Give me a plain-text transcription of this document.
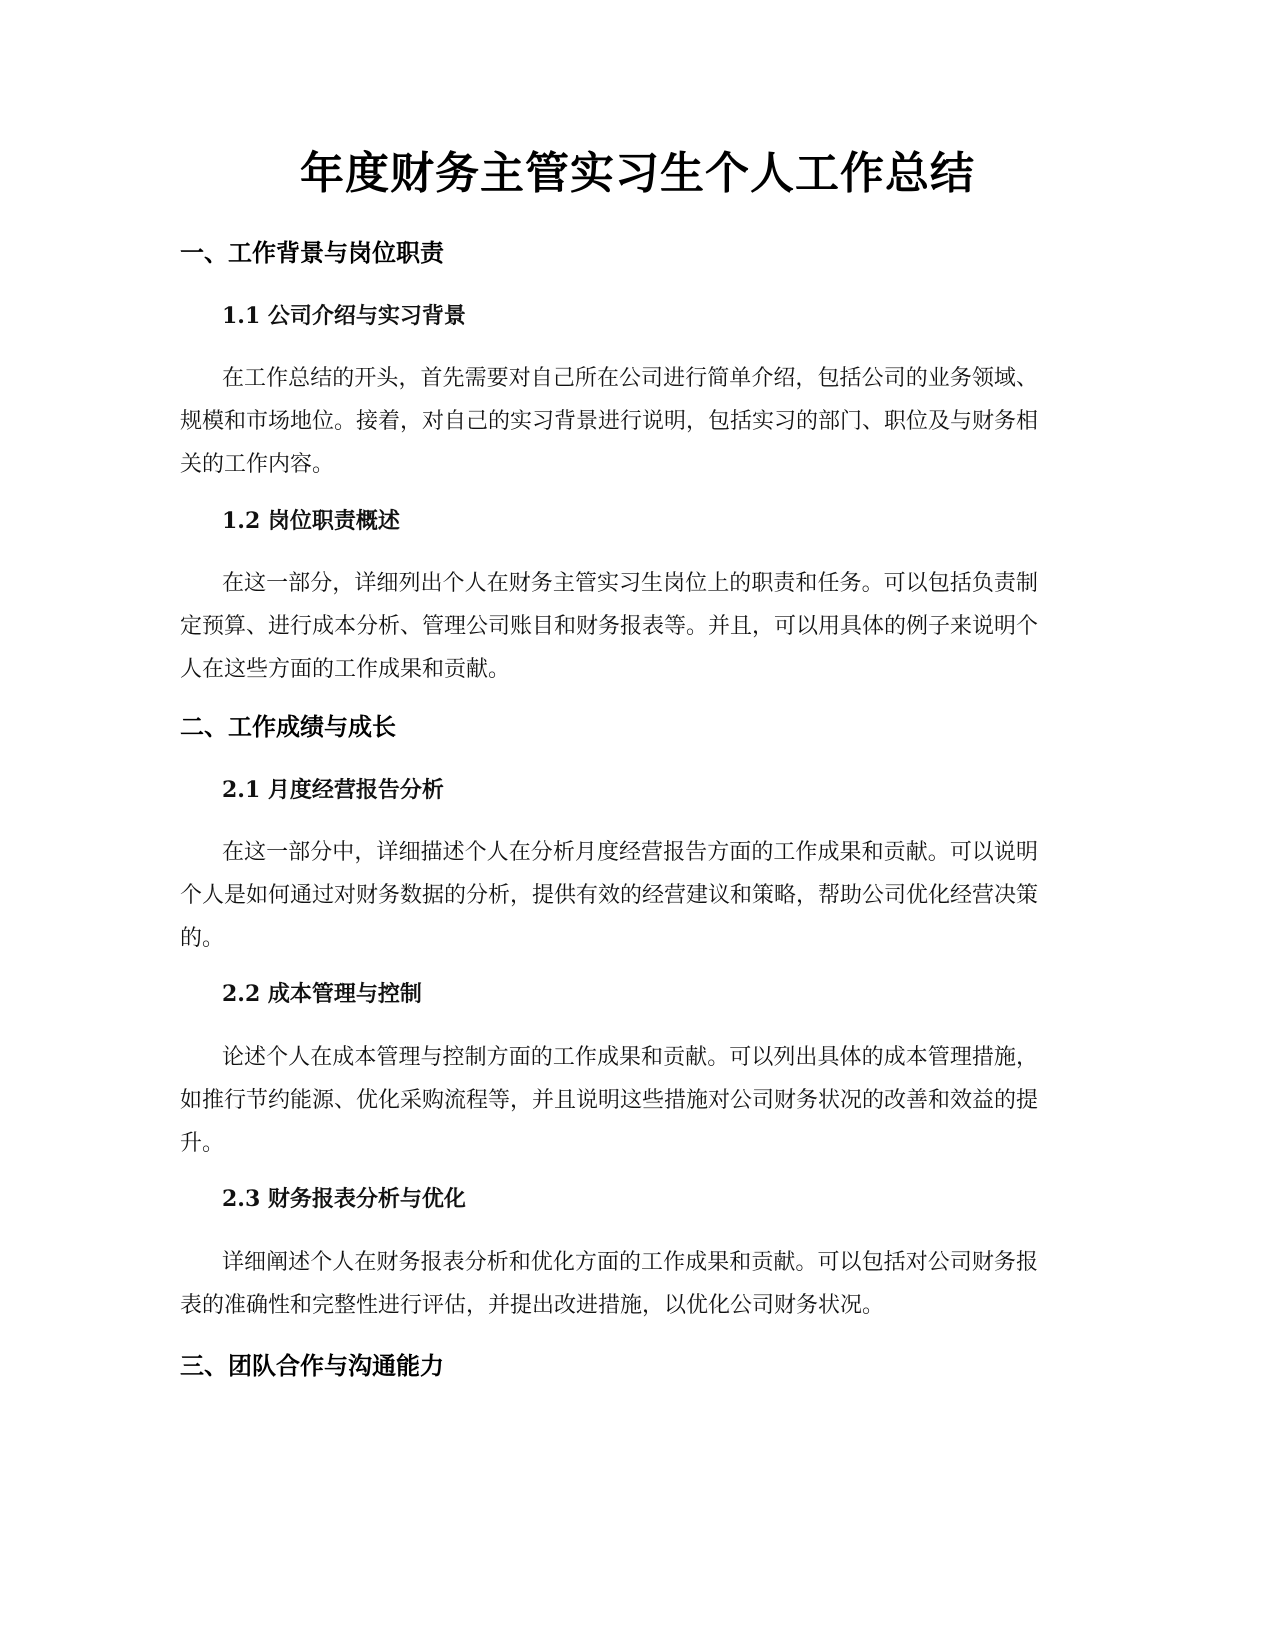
年度财务主管实习生个人工作总结
一、工作背景与岗位职责
1.1 公司介绍与实习背景

在工作总结的开头，首先需要对自己所在公司进行简单介绍，包括公司的业务领域、规模和市场地位。接着，对自己的实习背景进行说明，包括实习的部门、职位及与财务相关的工作内容。

1.2 岗位职责概述

在这一部分，详细列出个人在财务主管实习生岗位上的职责和任务。可以包括负责制定预算、进行成本分析、管理公司账目和财务报表等。并且，可以用具体的例子来说明个人在这些方面的工作成果和贡献。

二、工作成绩与成长
2.1 月度经营报告分析

在这一部分中，详细描述个人在分析月度经营报告方面的工作成果和贡献。可以说明个人是如何通过对财务数据的分析，提供有效的经营建议和策略，帮助公司优化经营决策的。

2.2 成本管理与控制

论述个人在成本管理与控制方面的工作成果和贡献。可以列出具体的成本管理措施，如推行节约能源、优化采购流程等，并且说明这些措施对公司财务状况的改善和效益的提升。

2.3 财务报表分析与优化

详细阐述个人在财务报表分析和优化方面的工作成果和贡献。可以包括对公司财务报表的准确性和完整性进行评估，并提出改进措施，以优化公司财务状况。

三、团队合作与沟通能力
